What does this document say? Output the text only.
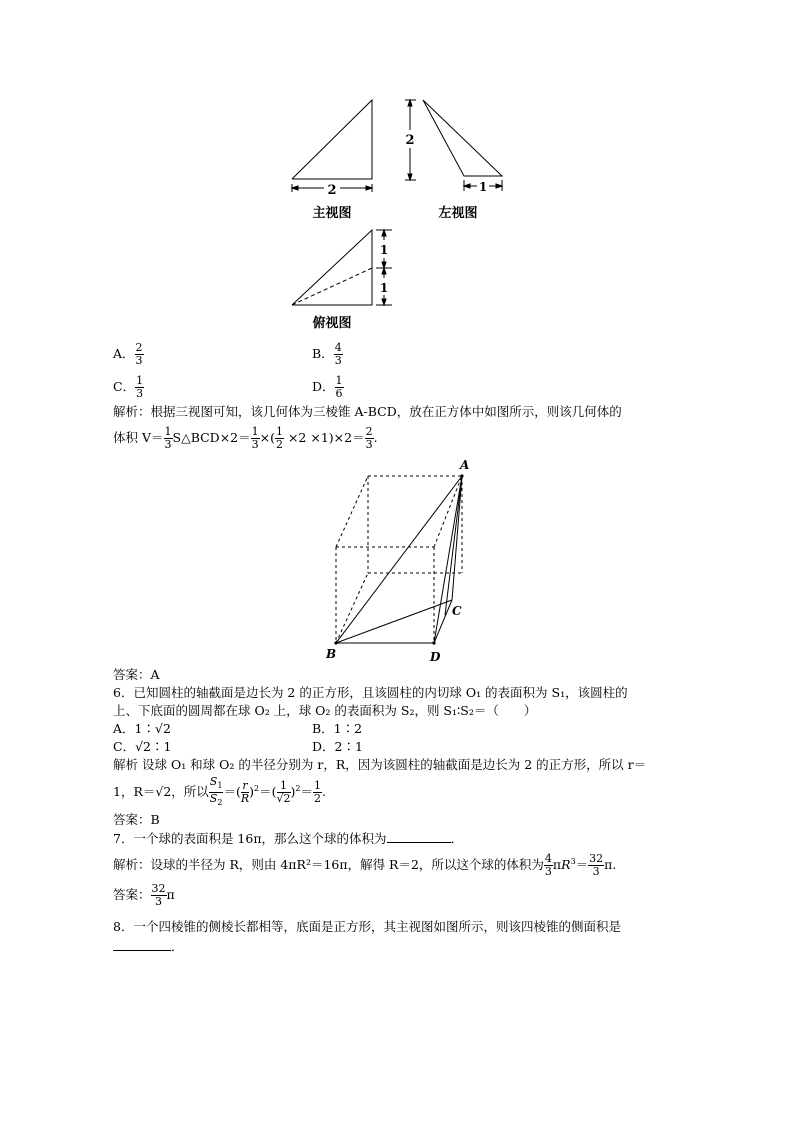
2
主视图
2
1
左视图
1
1
俯视图
A． $\frac{2}{3}$	B． $\frac{4}{3}$
C． $\frac{1}{3}$	D． $\frac{1}{6}$
解析：根据三视图可知，该几何体为三棱锥 A-BCD，放在正方体中如图所示，则该几何体的
体积 $V= \frac{1}{3}$ S△BCD×2＝ $\frac{1}{3}$ ×( $\frac{1}{2} \times 2 \times 1)\times 2= \frac{2}{3}$ .
A
B
C
D
答案：A
6．已知圆柱的轴截面是边长为 2 的正方形，且该圆柱的内切球 O₁ 的表面积为 S₁，该圆柱的
上、下底面的圆周都在球 O₂ 上，球 O₂ 的表面积为 S₂，则 S₁∶S₂＝（　　）
A．1∶√2	B．1∶2
C．√2∶1	D．2∶1
解析 设球 O₁ 和球 O₂ 的半径分别为 r，R，因为该圆柱的轴截面是边长为 2 的正方形，所以 r＝
1，R＝√2，所以 $\frac{S_1}{S_2}$ ＝( $\frac{r}{R} )^2=( \frac{1}{√2} )^2= \frac{1}{2}$ .
答案：B
7．一个球的表面积是 16π，那么这个球的体积为	．
解析：设球的半径为 R，则由 4πR²＝16π，解得 R＝2，所以这个球的体积为 $\frac{4}{3} \pi R^3= \frac{32}{3} \pi$.
答案： $\frac{32}{3}$ π
8．一个四棱锥的侧棱长都相等，底面是正方形，其主视图如图所示，则该四棱锥的侧面积是
．
